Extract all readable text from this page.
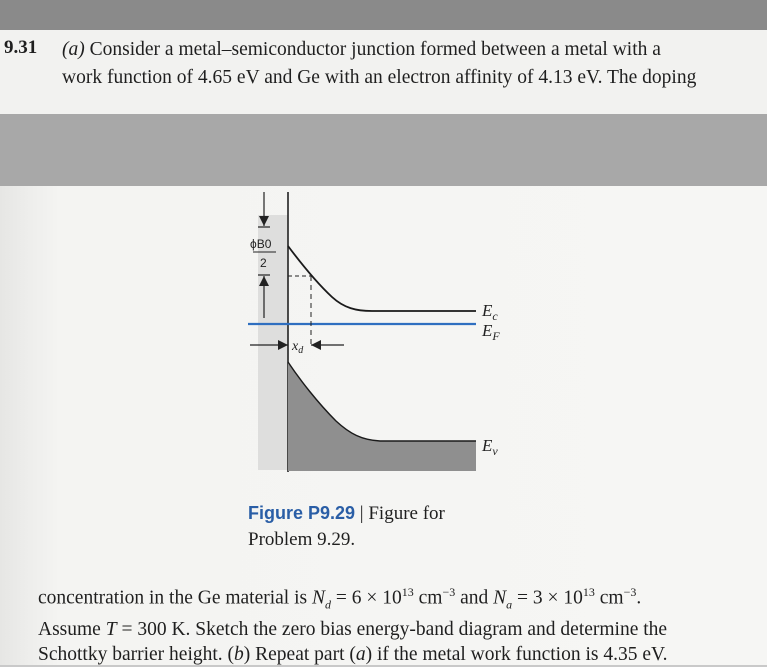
9.31 (a) Consider a metal–semiconductor junction formed between a metal with a
work function of 4.65 eV and Ge with an electron affinity of 4.13 eV. The doping
ϕB0
2
$x_d$
$E_c$
$E_F$
$E_v$
Figure P9.29 | Figure for
Problem 9.29.
concentration in the Ge material is $N_d = 6 \times 10^{13}$ $cm^{-3}$ and $N_a = 3 \times 10^{13}$ $cm^{-3}$.
Assume T = 300 K. Sketch the zero bias energy-band diagram and determine the
Schottky barrier height. (b) Repeat part (a) if the metal work function is 4.35 eV.
